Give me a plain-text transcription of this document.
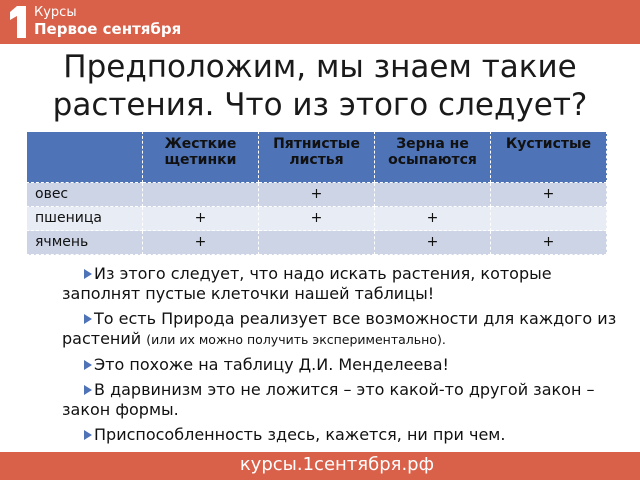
Курсы
Первое сентября
Предположим, мы знаем такие
растения. Что из этого следует?
	Жесткие щетинки	Пятнистые листья	Зерна не осыпаются	Кустистые
овес		+		+
пшеница	+	+	+	
ячмень	+		+	+
Из этого следует, что надо искать растения, которые заполнят пустые клеточки нашей таблицы!
То есть Природа реализует все возможности для каждого из растений (или их можно получить экспериментально).
Это похоже на таблицу Д.И. Менделеева!
В дарвинизм это не ложится – это какой-то другой закон – закон формы.
Приспособленность здесь, кажется, ни при чем.
курсы.1сентября.рф
